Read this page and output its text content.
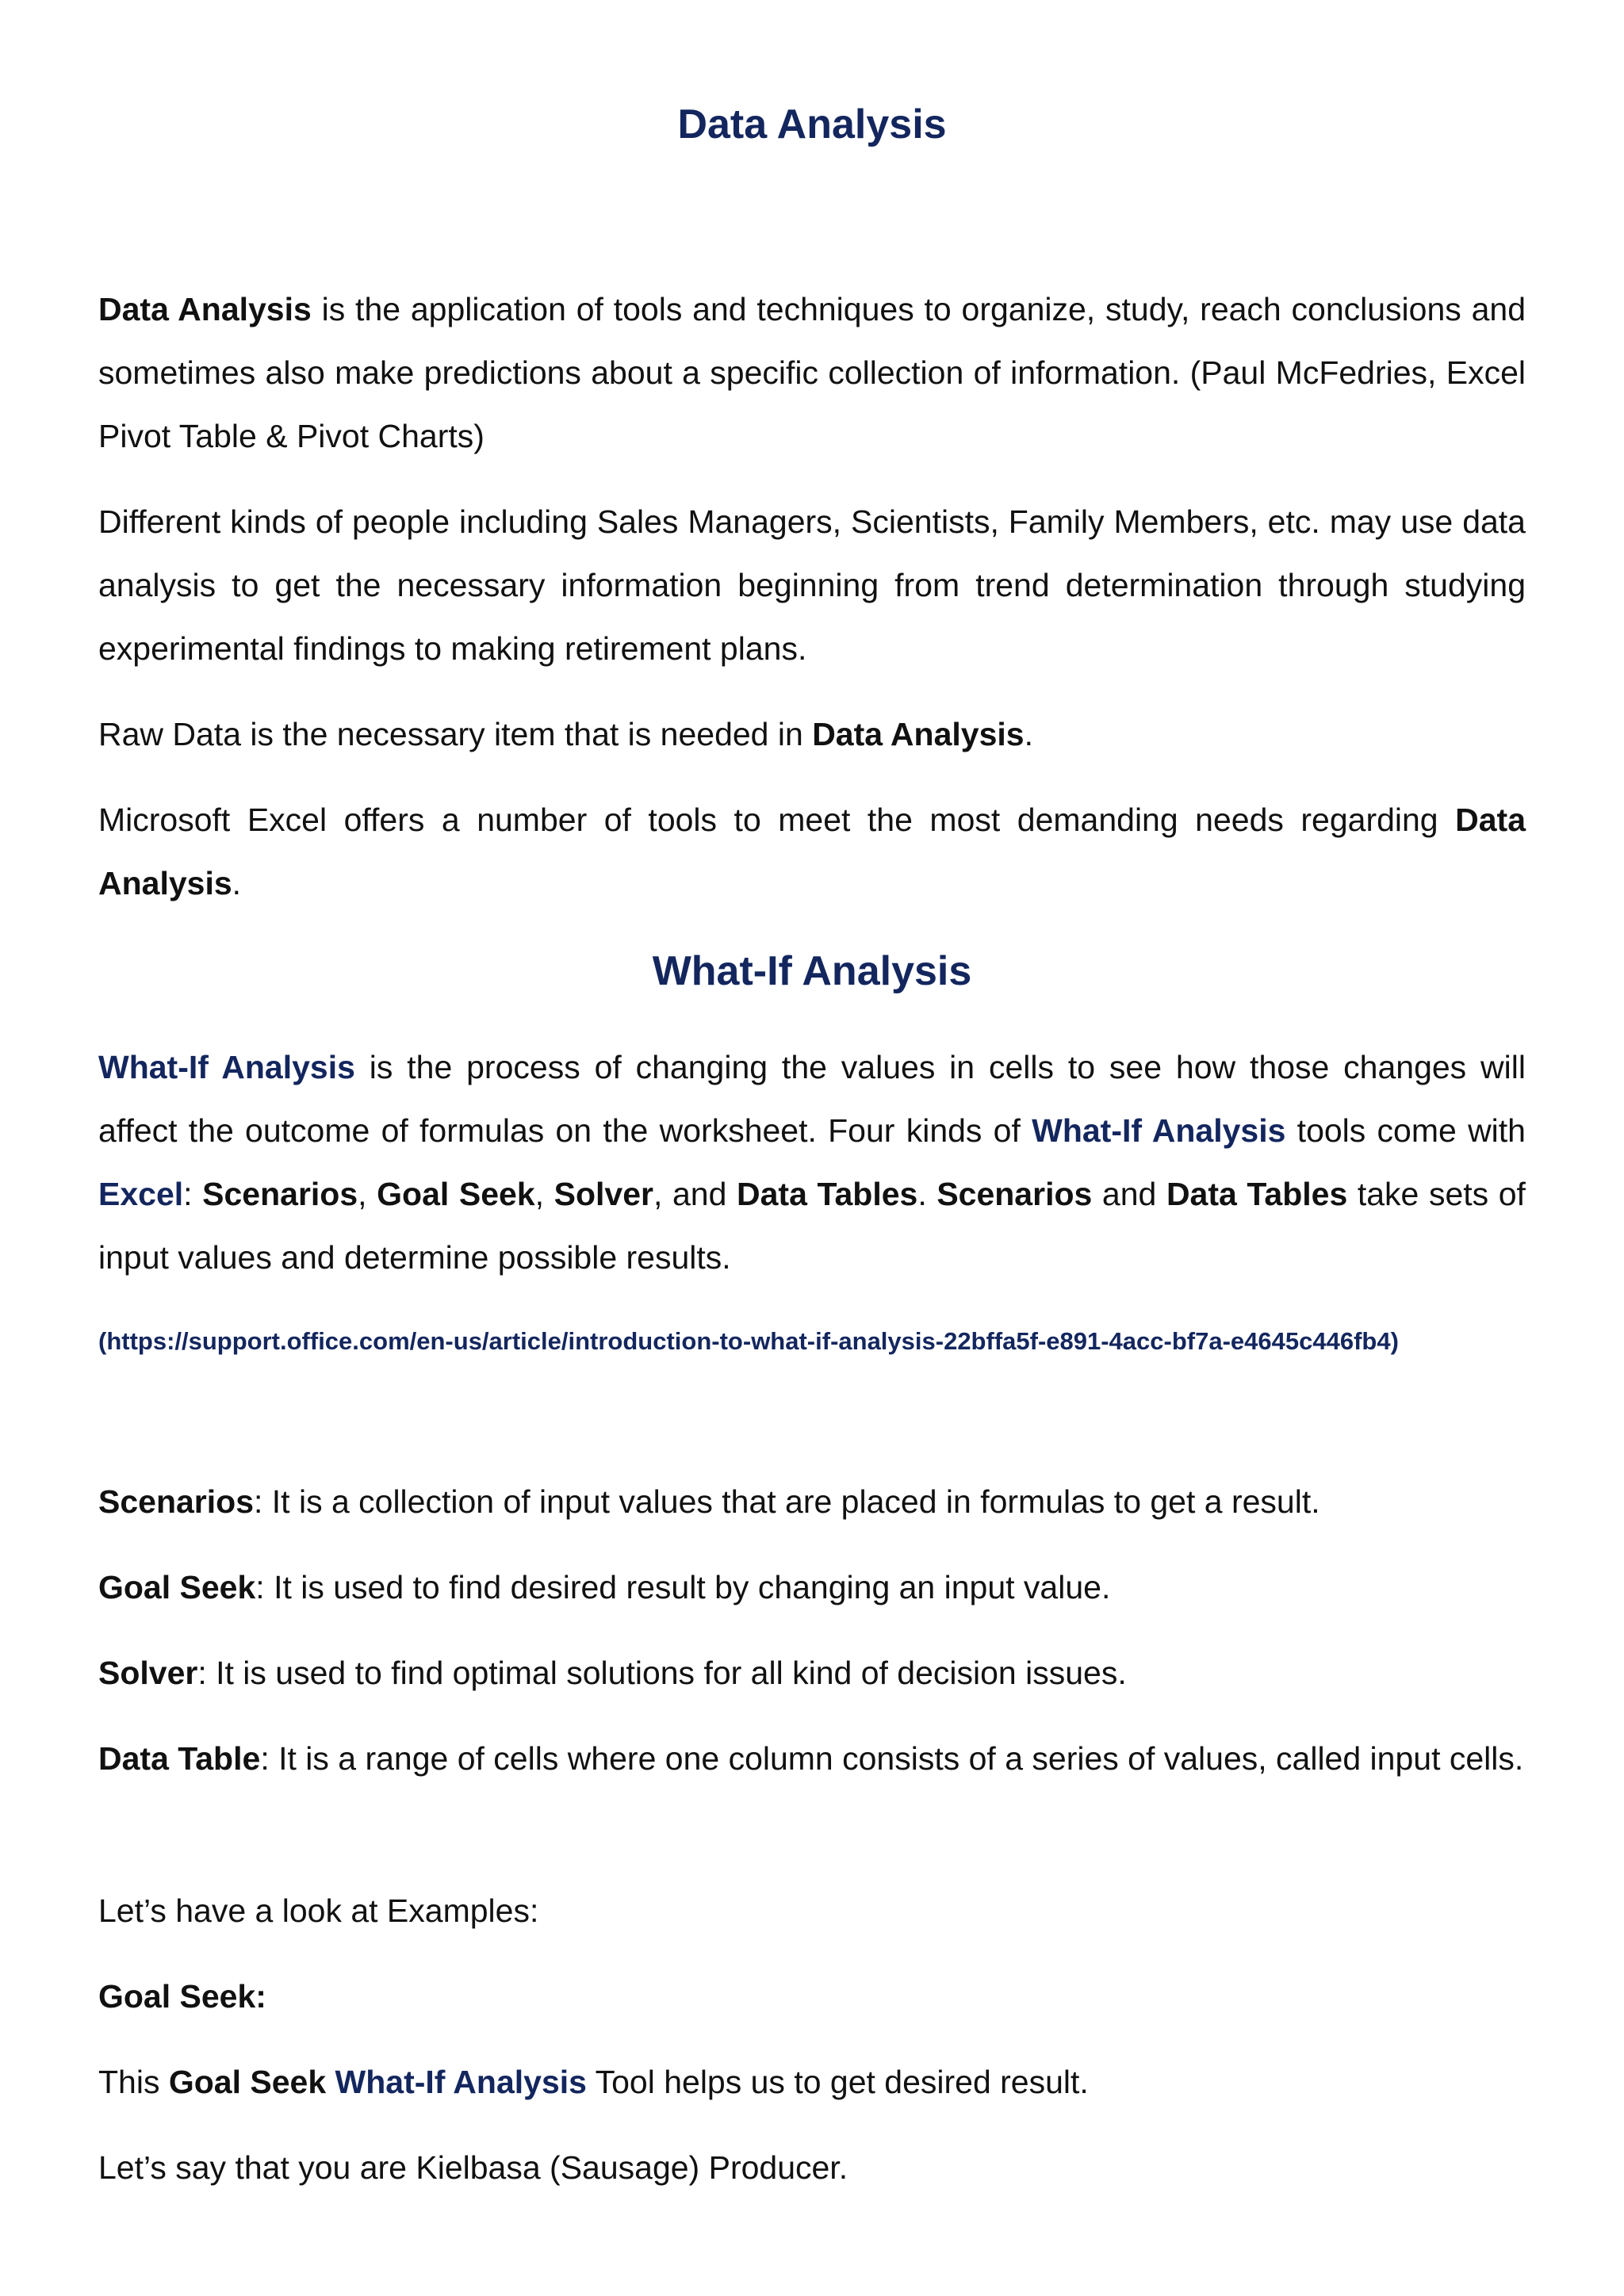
Data Analysis

Data Analysis is the application of tools and techniques to organize, study, reach conclusions and sometimes also make predictions about a specific collection of information. (Paul McFedries, Excel Pivot Table & Pivot Charts)

Different kinds of people including Sales Managers, Scientists, Family Members, etc. may use data analysis to get the necessary information beginning from trend determination through studying experimental findings to making retirement plans.

Raw Data is the necessary item that is needed in Data Analysis.

Microsoft Excel offers a number of tools to meet the most demanding needs regarding Data Analysis.

What-If Analysis

What-If Analysis is the process of changing the values in cells to see how those changes will affect the outcome of formulas on the worksheet. Four kinds of What-If Analysis tools come with Excel: Scenarios, Goal Seek, Solver, and Data Tables. Scenarios and Data Tables take sets of input values and determine possible results.

(https://support.office.com/en-us/article/introduction-to-what-if-analysis-22bffa5f-e891-4acc-bf7a-e4645c446fb4)

Scenarios: It is a collection of input values that are placed in formulas to get a result.

Goal Seek: It is used to find desired result by changing an input value.

Solver: It is used to find optimal solutions for all kind of decision issues.

Data Table: It is a range of cells where one column consists of a series of values, called input cells.

Let’s have a look at Examples:

Goal Seek:

This Goal Seek What-If Analysis Tool helps us to get desired result.

Let’s say that you are Kielbasa (Sausage) Producer.
